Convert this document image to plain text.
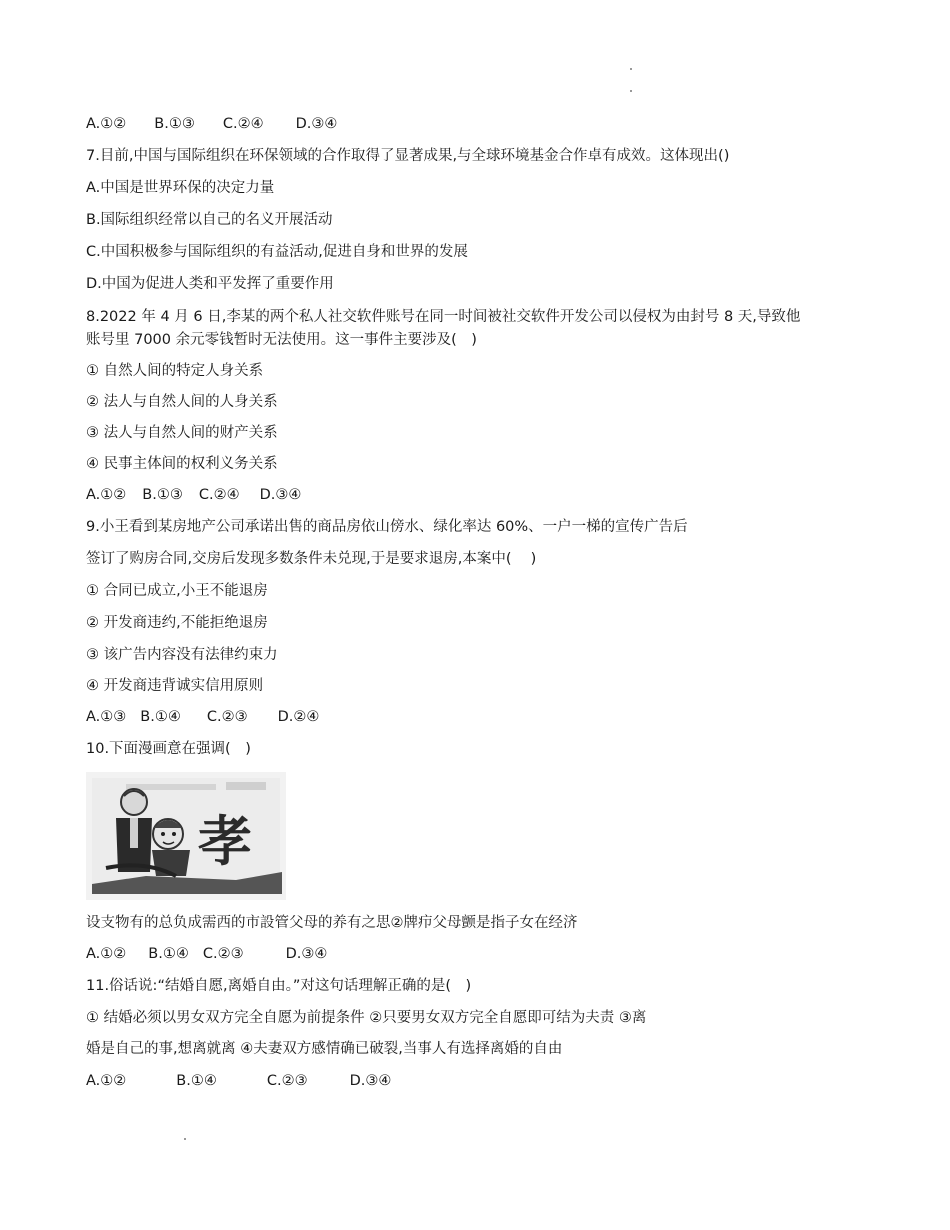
A.①② B.①③ C.②④ D.③④
7.目前,中国与国际组织在环保领域的合作取得了显著成果,与全球环境基金合作卓有成效。这体现出()
A.中国是世界环保的决定力量
B.国际组织经常以自己的名义开展活动
C.中国积极参与国际组织的有益活动,促进自身和世界的发展
D.中国为促进人类和平发挥了重要作用
8.2022 年 4 月 6 日,李某的两个私人社交软件账号在同一时间被社交软件开发公司以侵权为由封号 8 天,导致他
账号里 7000 余元零钱暂时无法使用。这一事件主要涉及(　)
① 自然人间的特定人身关系
② 法人与自然人间的人身关系
③ 法人与自然人间的财产关系
④ 民事主体间的权利义务关系
A.①② B.①③ C.②④ D.③④
9.小王看到某房地产公司承诺出售的商品房依山傍水、绿化率达 60%、一户一梯的宣传广告后
签订了购房合同,交房后发现多数条件未兑现,于是要求退房,本案中(　 )
① 合同已成立,小王不能退房
② 开发商违约,不能拒绝退房
③ 该广告内容没有法律约束力
④ 开发商违背诚实信用原则
A.①③ B.①④ C.②③ D.②④
10.下面漫画意在强调(　)
孝
设支物有的总负成需西的市設管父母的养有之思②牌疖父母颤是指子女在经济
A.①② B.①④ C.②③	D.③④
11.俗话说:“结婚自愿,离婚自由。”对这句话理解正确的是(　)
① 结婚必须以男女双方完全自愿为前提条件 ②只要男女双方完全自愿即可结为夫责 ③离
婚是自己的事,想离就离 ④夫妻双方感情确已破裂,当事人有选择离婚的自由
A.①②	B.①④	C.②③	D.③④
